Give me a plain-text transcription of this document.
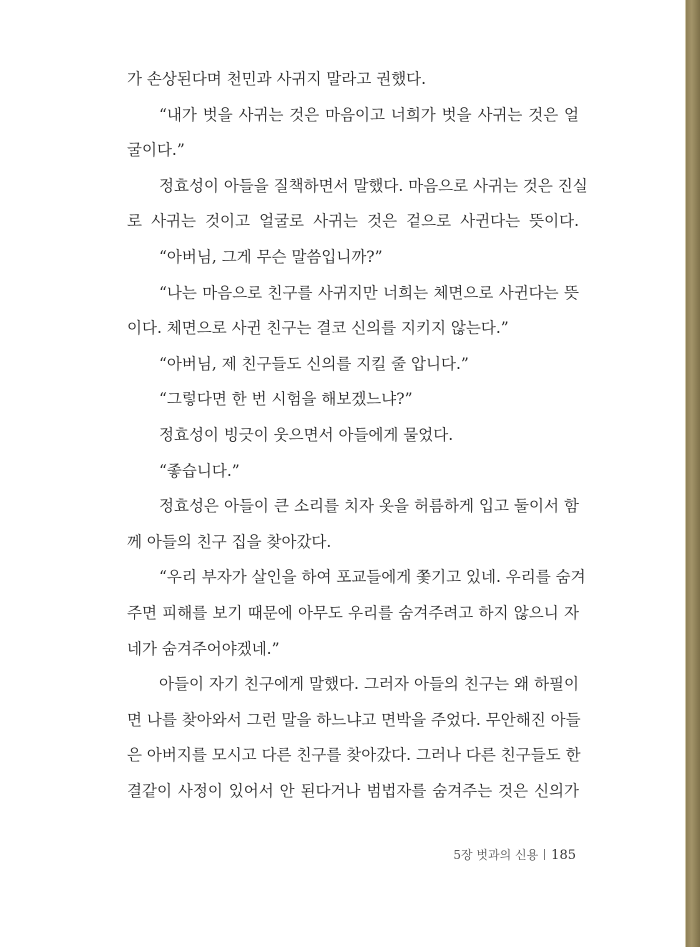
가 손상된다며 천민과 사귀지 말라고 권했다.
“내가 벗을 사귀는 것은 마음이고 너희가 벗을 사귀는 것은 얼
굴이다.”
정효성이 아들을 질책하면서 말했다. 마음으로 사귀는 것은 진실
로 사귀는 것이고 얼굴로 사귀는 것은 겉으로 사귄다는 뜻이다.
“아버님, 그게 무슨 말씀입니까?”
“나는 마음으로 친구를 사귀지만 너희는 체면으로 사귄다는 뜻
이다. 체면으로 사귄 친구는 결코 신의를 지키지 않는다.”
“아버님, 제 친구들도 신의를 지킬 줄 압니다.”
“그렇다면 한 번 시험을 해보겠느냐?”
정효성이 빙긋이 웃으면서 아들에게 물었다.
“좋습니다.”
정효성은 아들이 큰 소리를 치자 옷을 허름하게 입고 둘이서 함
께 아들의 친구 집을 찾아갔다.
“우리 부자가 살인을 하여 포교들에게 쫓기고 있네. 우리를 숨겨
주면 피해를 보기 때문에 아무도 우리를 숨겨주려고 하지 않으니 자
네가 숨겨주어야겠네.”
아들이 자기 친구에게 말했다. 그러자 아들의 친구는 왜 하필이
면 나를 찾아와서 그런 말을 하느냐고 면박을 주었다. 무안해진 아들
은 아버지를 모시고 다른 친구를 찾아갔다. 그러나 다른 친구들도 한
결같이 사정이 있어서 안 된다거나 범법자를 숨겨주는 것은 신의가
5장 벗과의 신용 185
